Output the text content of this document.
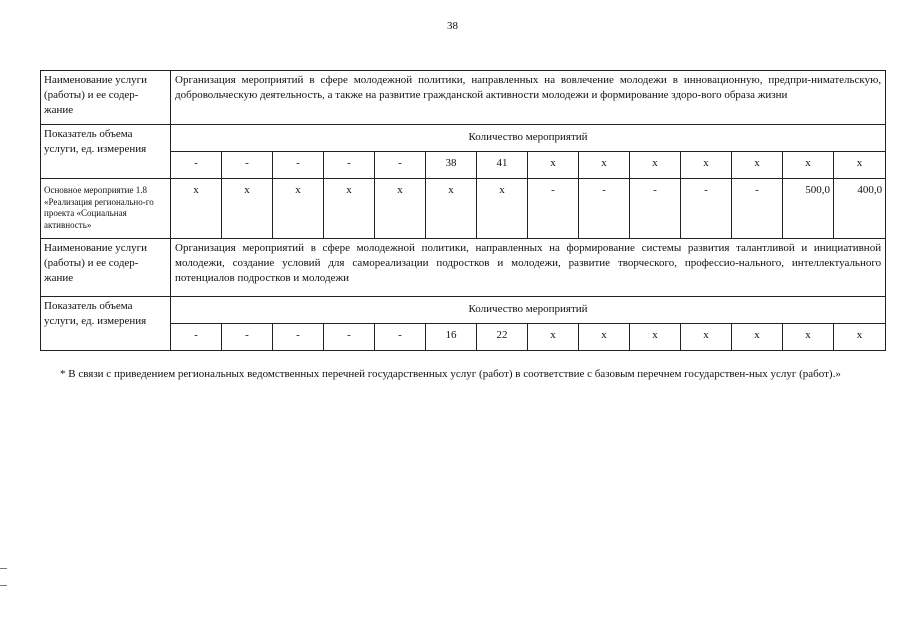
38
Наименование услуги (работы) и ее содер-жание	Организация мероприятий в сфере молодежной политики, направленных на вовлечение молодежи в инновационную, предпри-нимательскую, добровольческую деятельность, а также на развитие гражданской активности молодежи и формирование здоро-вого образа жизни													
Показатель объема услуги, ед. измерения	Количество мероприятий													
	-	-	-	-	-	38	41	х	х	х	х	х	х	х
Основное мероприятие 1.8 «Реализация регионально-го проекта «Социальная активность»	х	х	х	х	х	х	х	-	-	-	-	-	500,0	400,0
Наименование услуги (работы) и ее содер-жание	Организация мероприятий в сфере молодежной политики, направленных на формирование системы развития талантливой и инициативной молодежи, создание условий для самореализации подростков и молодежи, развитие творческого, профессио-нального, интеллектуального потенциалов подростков и молодежи													
Показатель объема услуги, ед. измерения	Количество мероприятий													
	-	-	-	-	-	16	22	х	х	х	х	х	х	х
* В связи с приведением региональных ведомственных перечней государственных услуг (работ) в соответствие с базовым перечнем государствен-ных услуг (работ).»
